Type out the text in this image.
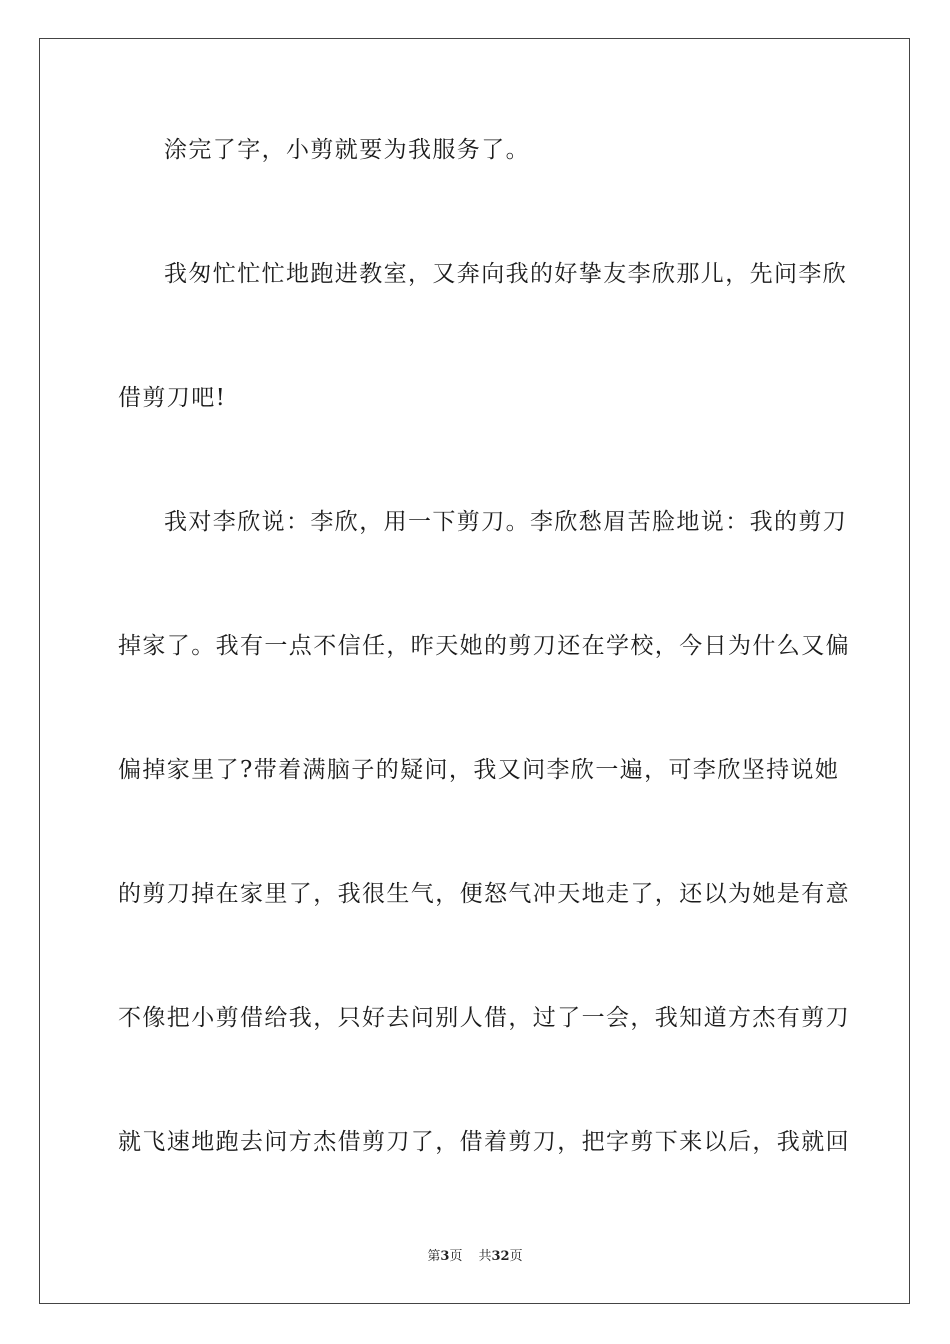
涂完了字，小剪就要为我服务了。
我匆忙忙忙地跑进教室，又奔向我的好挚友李欣那儿，先问李欣
借剪刀吧!
我对李欣说：李欣，用一下剪刀。李欣愁眉苦脸地说：我的剪刀
掉家了。我有一点不信任，昨天她的剪刀还在学校，今日为什么又偏
偏掉家里了?带着满脑子的疑问，我又问李欣一遍，可李欣坚持说她
的剪刀掉在家里了，我很生气，便怒气冲天地走了，还以为她是有意
不像把小剪借给我，只好去问别人借，过了一会，我知道方杰有剪刀
就飞速地跑去问方杰借剪刀了，借着剪刀，把字剪下来以后，我就回
第3页 共32页
